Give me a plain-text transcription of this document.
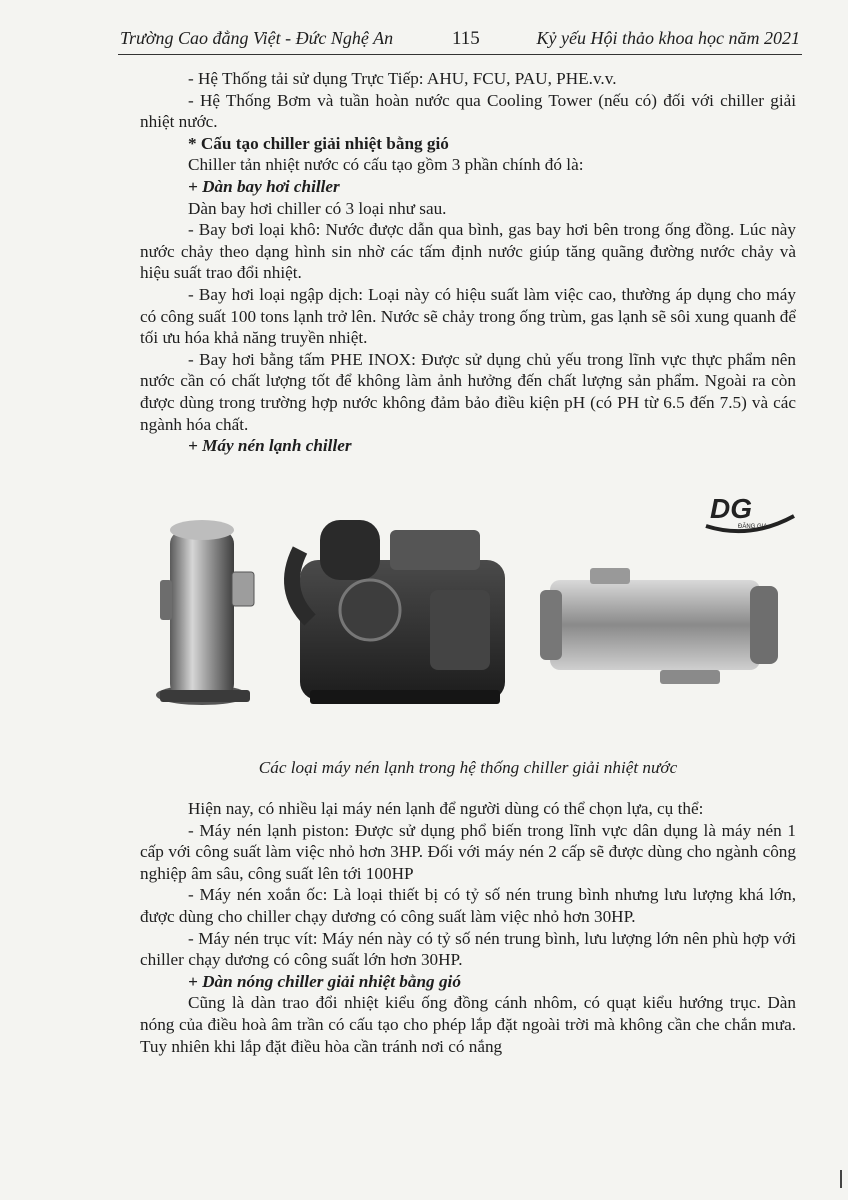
Trường Cao đẳng Việt - Đức Nghệ An	115	Kỷ yếu Hội thảo khoa học năm 2021

- Hệ Thống tải sử dụng Trực Tiếp: AHU, FCU, PAU, PHE.v.v.

- Hệ Thống Bơm và tuần hoàn nước qua Cooling Tower (nếu có) đối với chiller giải nhiệt nước.

* Cấu tạo chiller giải nhiệt bằng gió

Chiller tản nhiệt nước có cấu tạo gồm 3 phần chính đó là:

+ Dàn bay hơi chiller

Dàn bay hơi chiller có 3 loại như sau.

- Bay bơi loại khô: Nước được dẫn qua bình, gas bay hơi bên trong ống đồng. Lúc này nước chảy theo dạng hình sin nhờ các tấm định nước giúp tăng quãng đường nước chảy và hiệu suất trao đổi nhiệt.

- Bay hơi loại ngập dịch: Loại này có hiệu suất làm việc cao, thường áp dụng cho máy có công suất 100 tons lạnh trở lên. Nước sẽ chảy trong ống trùm, gas lạnh sẽ sôi xung quanh để tối ưu hóa khả năng truyền nhiệt.

- Bay hơi bằng tấm PHE INOX: Được sử dụng chủ yếu trong lĩnh vực thực phẩm nên nước cần có chất lượng tốt để không làm ảnh hưởng đến chất lượng sản phẩm. Ngoài ra còn được dùng trong trường hợp nước không đảm bảo điều kiện pH (có PH từ 6.5 đến 7.5) và các ngành hóa chất.

+ Máy nén lạnh chiller

DG
ĐĂNG GIA
Các loại máy nén lạnh trong hệ thống chiller giải nhiệt nước

Hiện nay, có nhiều lại máy nén lạnh để người dùng có thể chọn lựa, cụ thể:

- Máy nén lạnh piston: Được sử dụng phổ biến trong lĩnh vực dân dụng là máy nén 1 cấp với công suất làm việc nhỏ hơn 3HP. Đối với máy nén 2 cấp sẽ được dùng cho ngành công nghiệp âm sâu, công suất lên tới 100HP

- Máy nén xoắn ốc: Là loại thiết bị có tỷ số nén trung bình nhưng lưu lượng khá lớn, được dùng cho chiller chạy dương có công suất làm việc nhỏ hơn 30HP.

- Máy nén trục vít: Máy nén này có tỷ số nén trung bình, lưu lượng lớn nên phù hợp với chiller chạy dương có công suất lớn hơn 30HP.

+ Dàn nóng chiller giải nhiệt bằng gió

Cũng là dàn trao đổi nhiệt kiểu ống đồng cánh nhôm, có quạt kiểu hướng trục. Dàn nóng của điều hoà âm trần có cấu tạo cho phép lắp đặt ngoài trời mà không cần che chắn mưa. Tuy nhiên khi lắp đặt điều hòa cần tránh nơi có nắng
